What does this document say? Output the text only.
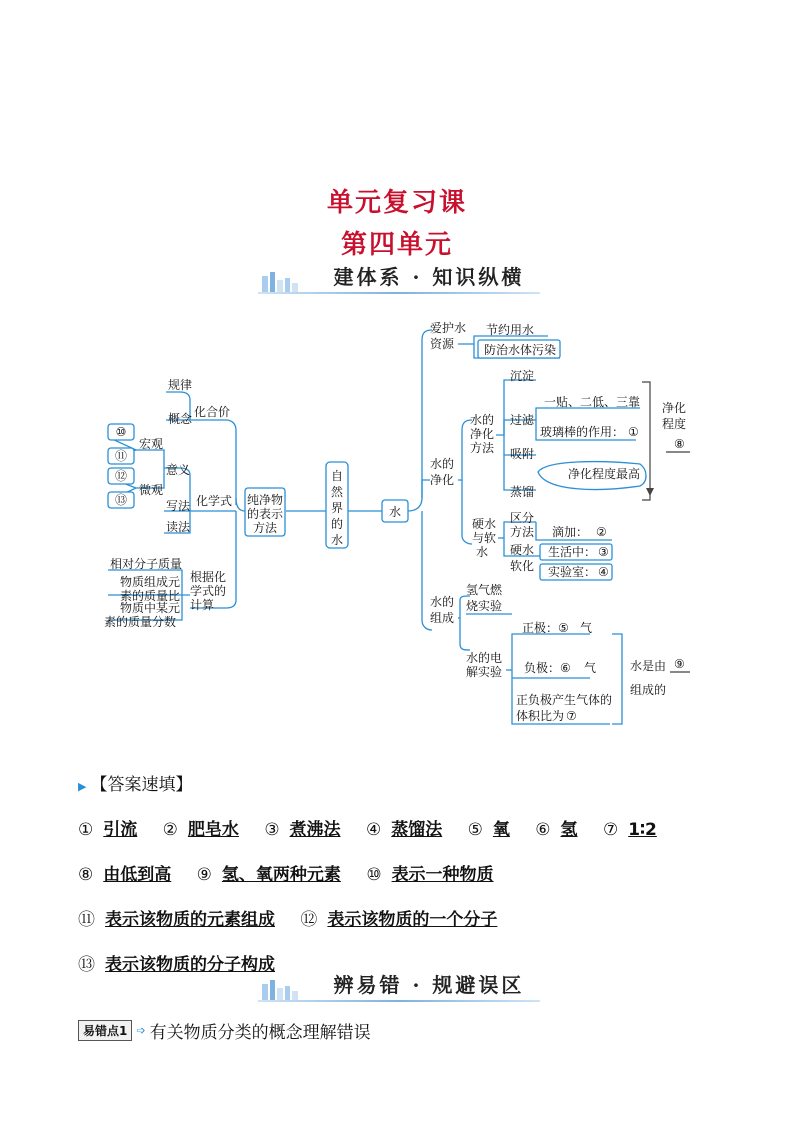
单元复习课
第四单元
建体系 · 知识纵横
自
然
界
的
水
水
纯净物
的表示
方法
化合价
化学式
根据化
学式的
计算
规律
概念
意义
写法
读法
宏观
微观
⑩
⑪
⑫
⑬
相对分子质量
物质组成元
素的质量比
物质中某元
素的质量分数
爱护水
资源
节约用水
防治水体污染
水的
净化
水的
净化
方法
沉淀
过滤
吸附
蒸馏
一贴、二低、三靠
玻璃棒的作用： ①
净化程度最高
净化
程度
⑧
硬水
与软
水
区分
方法
硬水
软化
滴加： ②
生活中： ③
实验室： ④
水的
组成
氢气燃
烧实验
水的电
解实验
正极： ⑤ 气
负极： ⑥ 气
正负极产生气体的
体积比为 ⑦
水是由 ⑨
组成的
▶ 【答案速填】
① 引流 ② 肥皂水 ③ 煮沸法 ④ 蒸馏法 ⑤ 氧 ⑥ 氢 ⑦ 1∶2 ⑧ 由低到高 ⑨ 氢、氧两种元素 ⑩ 表示一种物质 ⑪ 表示该物质的元素组成 ⑫ 表示该物质的一个分子 ⑬ 表示该物质的分子构成
辨易错 · 规避误区
易错点1 ➩ 有关物质分类的概念理解错误
